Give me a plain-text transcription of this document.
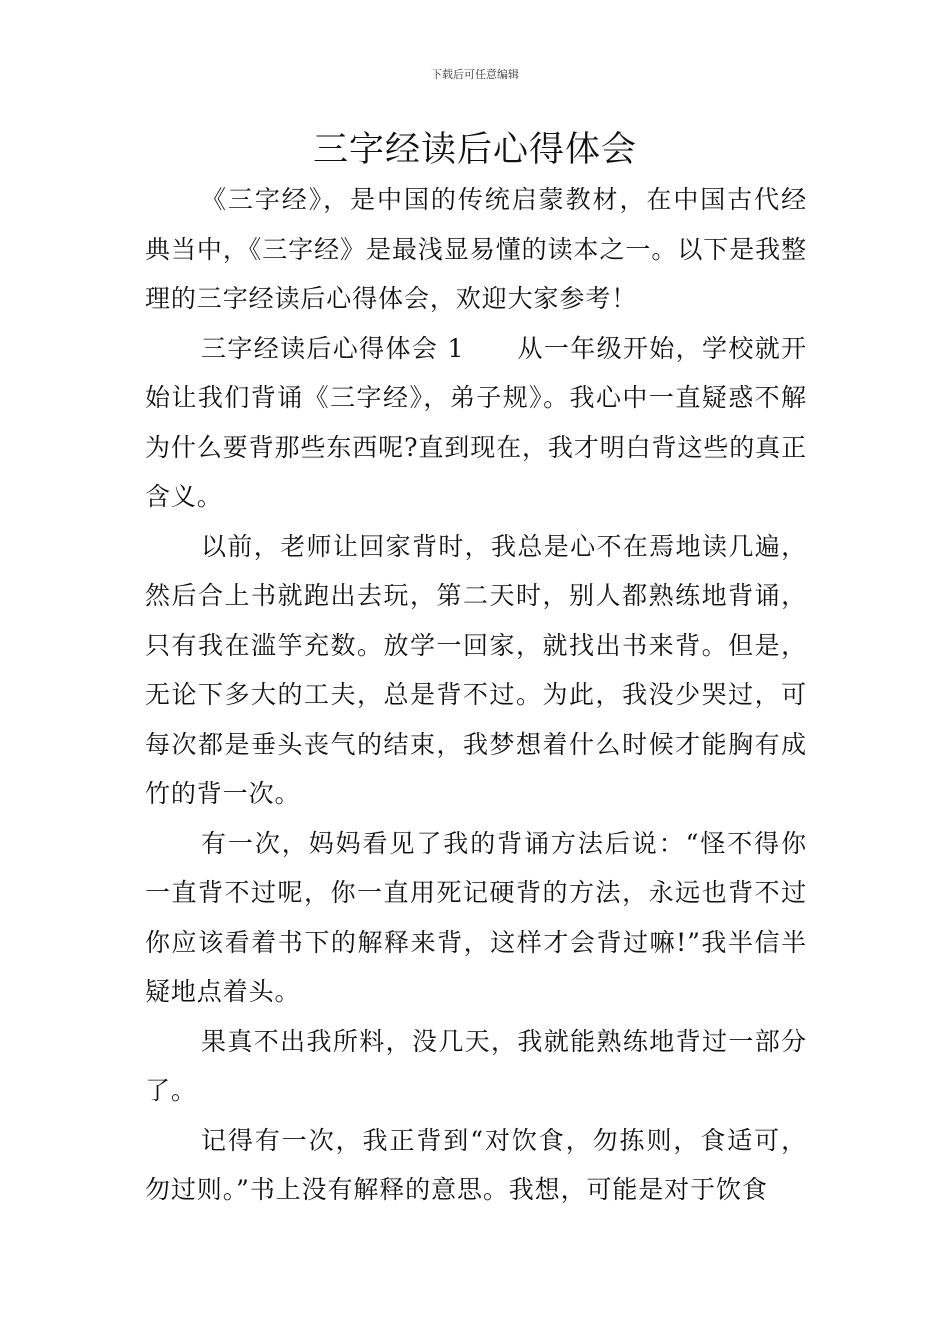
下载后可任意编辑
三字经读后心得体会

《三字经》，是中国的传统启蒙教材，在中国古代经典当中，《三字经》是最浅显易懂的读本之一。以下是我整理的三字经读后心得体会，欢迎大家参考！

三字经读后心得体会 1　　从一年级开始，学校就开始让我们背诵《三字经》，弟子规》。我心中一直疑惑不解为什么要背那些东西呢?直到现在，我才明白背这些的真正含义。

以前，老师让回家背时，我总是心不在焉地读几遍，然后合上书就跑出去玩，第二天时，别人都熟练地背诵，只有我在滥竽充数。放学一回家，就找出书来背。但是，无论下多大的工夫，总是背不过。为此，我没少哭过，可每次都是垂头丧气的结束，我梦想着什么时候才能胸有成竹的背一次。

有一次，妈妈看见了我的背诵方法后说：“怪不得你一直背不过呢，你一直用死记硬背的方法，永远也背不过你应该看着书下的解释来背，这样才会背过嘛!”我半信半疑地点着头。

果真不出我所料，没几天，我就能熟练地背过一部分了。

记得有一次，我正背到“对饮食，勿拣则，食适可，勿过则。”书上没有解释的意思。我想，可能是对于饮食
